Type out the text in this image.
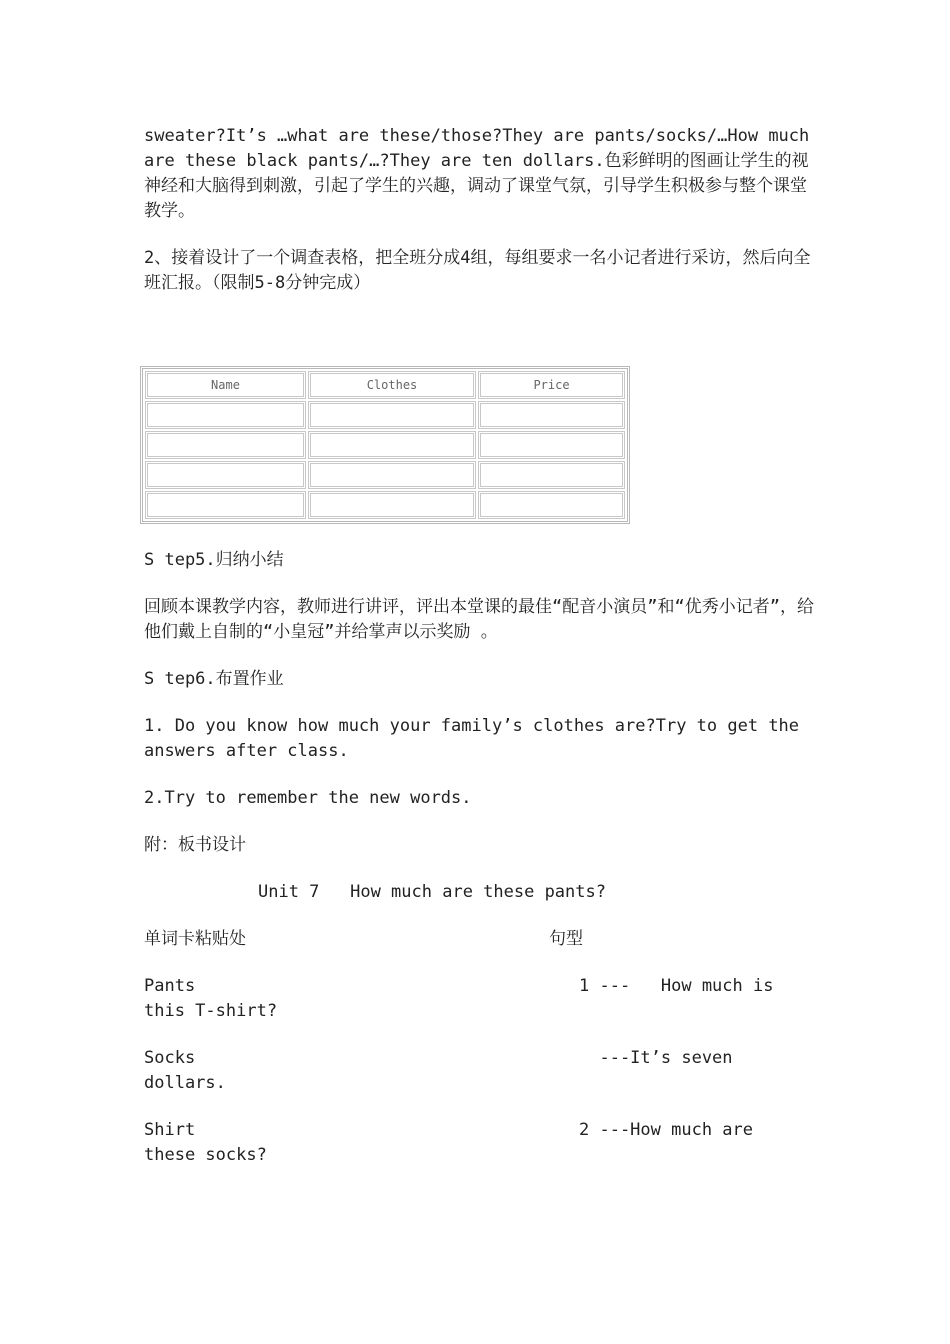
sweater?It’s …what are these/those?They are pants/socks/…How much are these black pants/…?They are ten dollars.色彩鲜明的图画让学生的视神经和大脑得到刺激，引起了学生的兴趣，调动了课堂气氛，引导学生积极参与整个课堂教学。

2、接着设计了一个调查表格，把全班分成4组，每组要求一名小记者进行采访，然后向全班汇报。（限制5-8分钟完成）

Name	Clothes	Price

S tep5.归纳小结

回顾本课教学内容，教师进行讲评，评出本堂课的最佳“配音小演员”和“优秀小记者”，给他们戴上自制的“小皇冠”并给掌声以示奖励 。

S tep6.布置作业

1. Do you know how much your family’s clothes are?Try to get the answers after class.

2.Try to remember the new words.

附：板书设计

Unit 7   How much are these pants?

单词卡粘贴处	句型
Pants	1 ---   How much is
this T-shirt?
Socks	---It’s seven
dollars.
Shirt	2 ---How much are
these socks?
